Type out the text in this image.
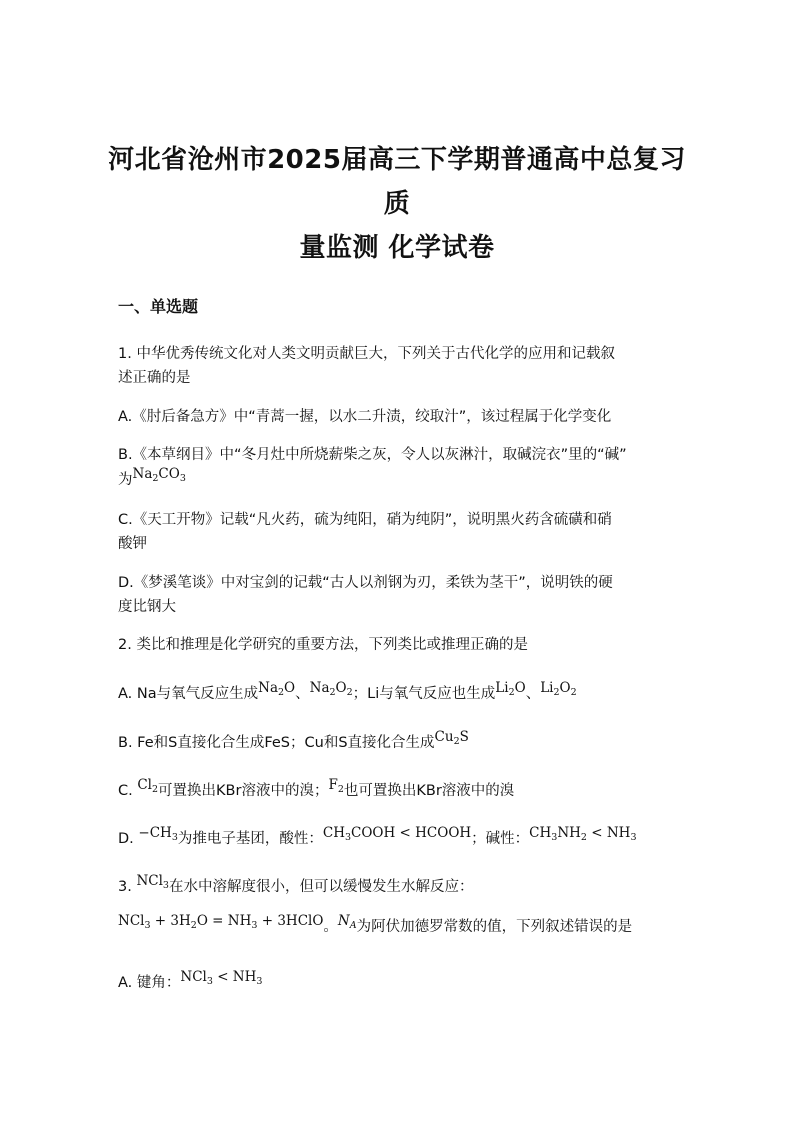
河北省沧州市2025届高三下学期普通高中总复习质
量监测 化学试卷
一、单选题
1. 中华优秀传统文化对人类文明贡献巨大，下列关于古代化学的应用和记载叙
述正确的是
A.《肘后备急方》中“青蒿一握，以水二升渍，绞取汁”，该过程属于化学变化
B.《本草纲目》中“冬月灶中所烧薪柴之灰，令人以灰淋汁，取碱浣衣”里的“碱”
为$Na_2CO_3$
C.《天工开物》记载“凡火药，硫为纯阳，硝为纯阴”，说明黑火药含硫磺和硝
酸钾
D.《梦溪笔谈》中对宝剑的记载“古人以剂钢为刃，柔铁为茎干”，说明铁的硬
度比钢大
2. 类比和推理是化学研究的重要方法，下列类比或推理正确的是
A. Na与氧气反应生成$Na_2O$、$Na_2O_2$；Li与氧气反应也生成$Li_2O$、$Li_2O_2$
B. Fe和S直接化合生成FeS；Cu和S直接化合生成$Cu_2S$
C. $Cl_2$可置换出KBr溶液中的溴；$F_2$也可置换出KBr溶液中的溴
D. $-CH_3$为推电子基团，酸性：$CH_3COOH$ < HCOOH；碱性：$CH_3NH_2 < NH_3$
3. NCl$_3$在水中溶解度很小，但可以缓慢发生水解反应：
$NCl_3 + 3H_2O = NH_3$ + 3HClO。$N_A$为阿伏加德罗常数的值，下列叙述错误的是
A. 键角：$NCl_3 < NH_3$
